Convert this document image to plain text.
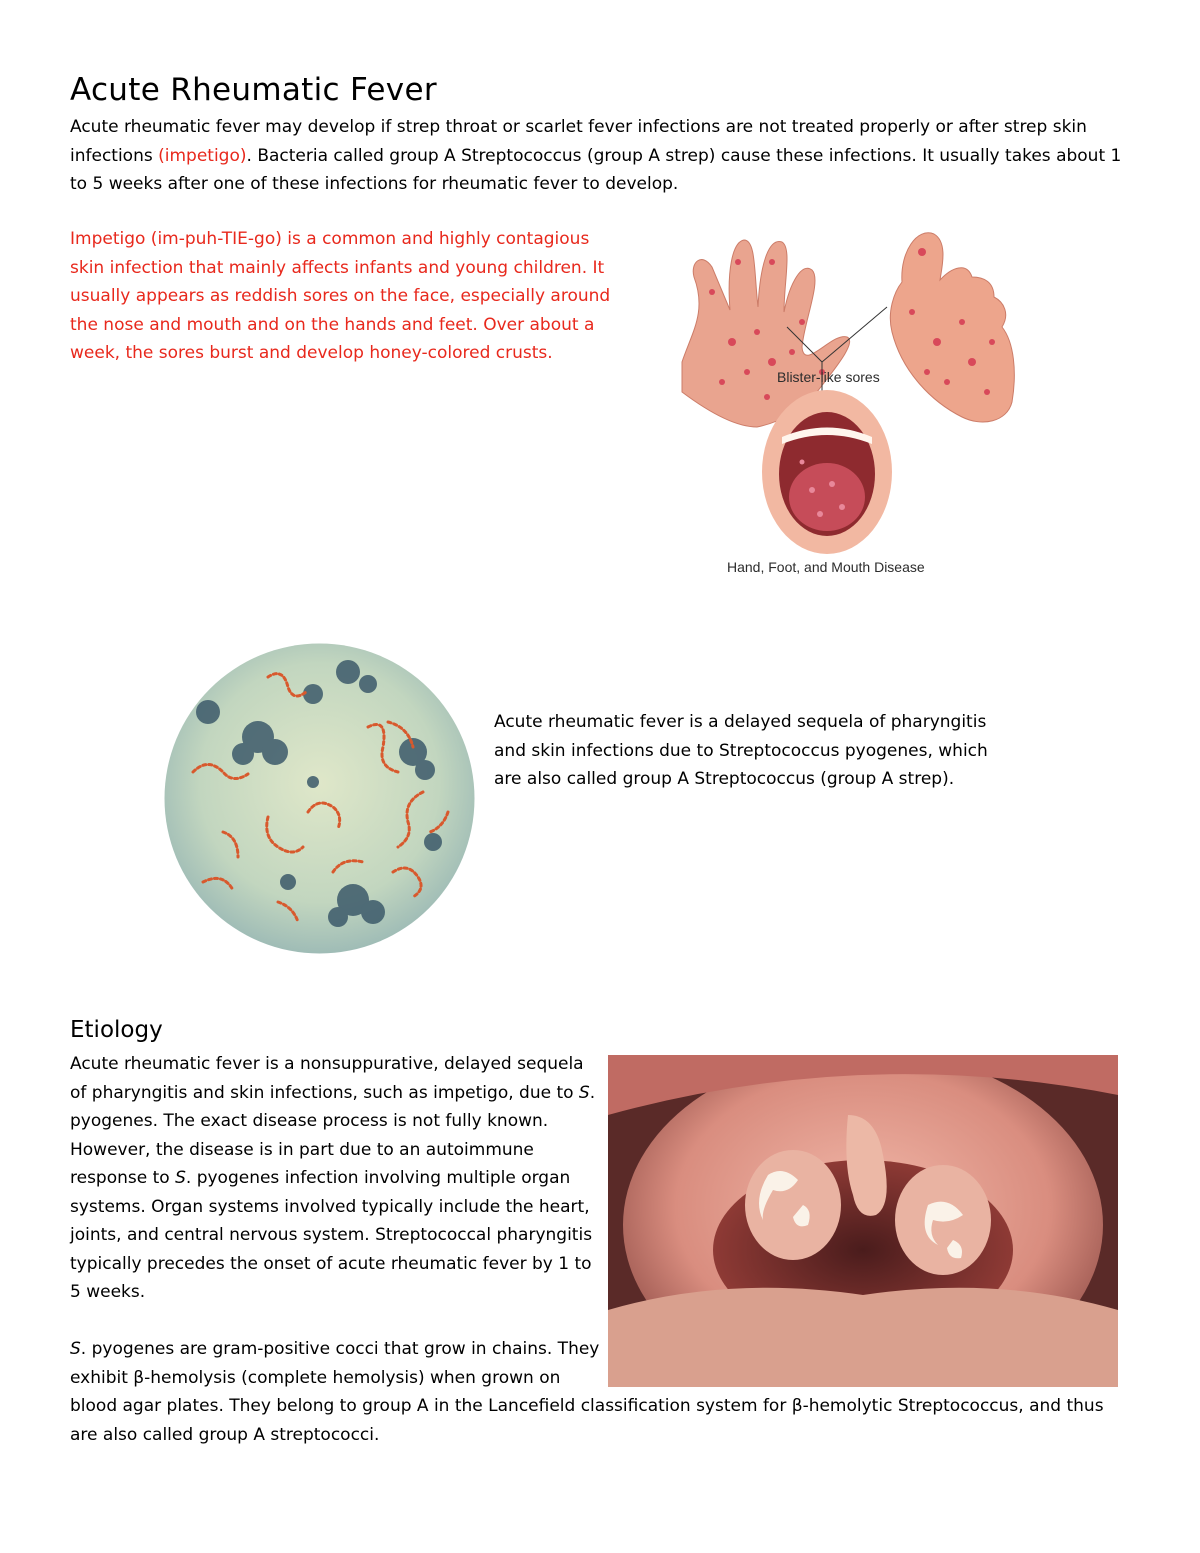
Acute Rheumatic Fever

Acute rheumatic fever may develop if strep throat or scarlet fever infections are not treated properly or after strep skin infections (impetigo). Bacteria called group A Streptococcus (group A strep) cause these infections. It usually takes about 1 to 5 weeks after one of these infections for rheumatic fever to develop.

Impetigo (im-puh-TIE-go) is a common and highly contagious skin infection that mainly affects infants and young children. It usually appears as reddish sores on the face, especially around the nose and mouth and on the hands and feet. Over about a week, the sores burst and develop honey-colored crusts.

Blister-like sores
Hand, Foot, and Mouth Disease

Acute rheumatic fever is a delayed sequela of pharyngitis and skin infections due to Streptococcus pyogenes, which are also called group A Streptococcus (group A strep).

Etiology

Acute rheumatic fever is a nonsuppurative, delayed sequela of pharyngitis and skin infections, such as impetigo, due to S. pyogenes. The exact disease process is not fully known. However, the disease is in part due to an autoimmune response to S. pyogenes infection involving multiple organ systems. Organ systems involved typically include the heart, joints, and central nervous system. Streptococcal pharyngitis typically precedes the onset of acute rheumatic fever by 1 to 5 weeks.

S. pyogenes are gram-positive cocci that grow in chains. They exhibit β-hemolysis (complete hemolysis) when grown on blood agar plates. They belong to group A in the Lancefield classification system for β-hemolytic Streptococcus, and thus are also called group A streptococci.
